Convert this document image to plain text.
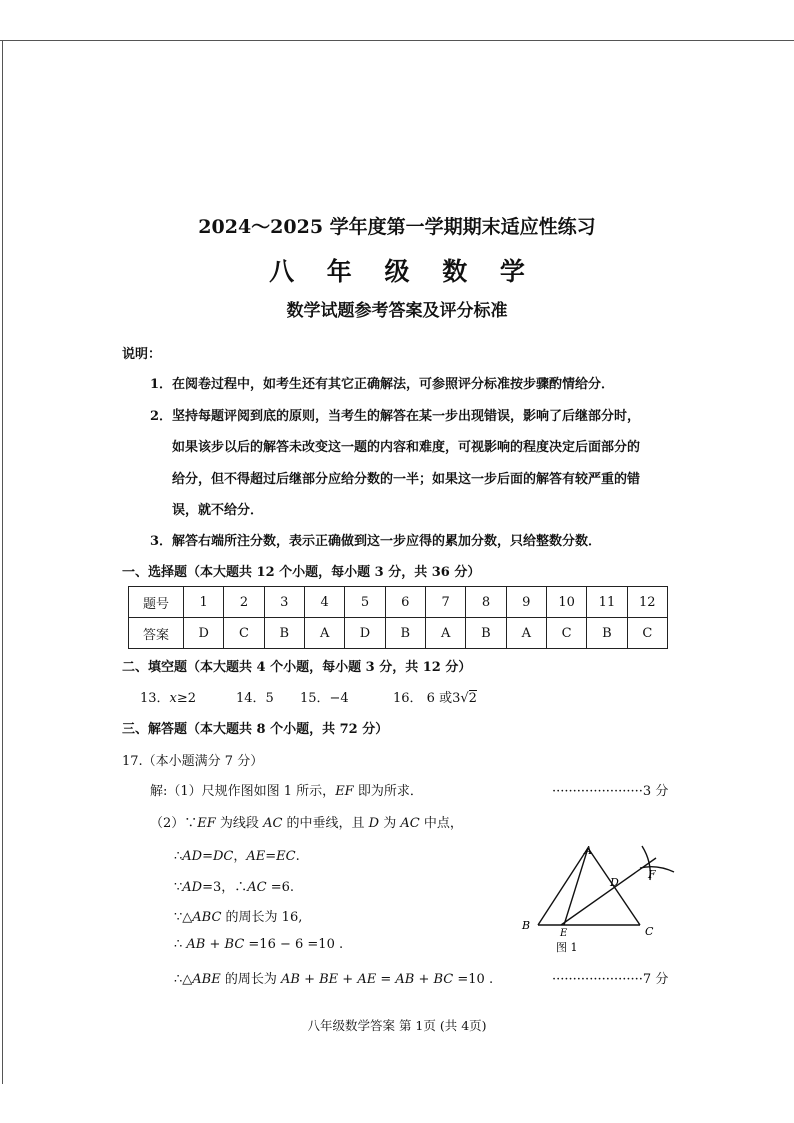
2024～2025 学年度第一学期期末适应性练习
八 年 级 数 学
数学试题参考答案及评分标准
说明：
1．在阅卷过程中，如考生还有其它正确解法，可参照评分标准按步骤酌情给分．
2．坚持每题评阅到底的原则，当考生的解答在某一步出现错误，影响了后继部分时，
如果该步以后的解答未改变这一题的内容和难度，可视影响的程度决定后面部分的
给分，但不得超过后继部分应给分数的一半；如果这一步后面的解答有较严重的错
误，就不给分．
3．解答右端所注分数，表示正确做到这一步应得的累加分数，只给整数分数．
一、选择题（本大题共 12 个小题，每小题 3 分，共 36 分）
题号	1	2	3	4	5	6	7	8	9	10	11	12
答案	D	C	B	A	D	B	A	B	A	C	B	C
二、填空题（本大题共 4 个小题，每小题 3 分，共 12 分）
13．x≥2	14．5 15．−4	16． 6 或3√2
三、解答题（本大题共 8 个小题，共 72 分）
17.（本小题满分 7 分）
解:（1）尺规作图如图 1 所示，EF 即为所求．	······················3 分
（2）∵EF 为线段 AC 的中垂线，且 D 为 AC 中点，
∴AD=DC，AE=EC.
∵AD=3，∴AC =6.
∵△ABC 的周长为 16,
∴ AB + BC =16 − 6 =10 .
∴△ABE 的周长为 AB + BE + AE = AB + BC =10 .	······················7 分
A
B	C
D
E
F
图 1
八年级数学答案 第 1页 (共 4页)
